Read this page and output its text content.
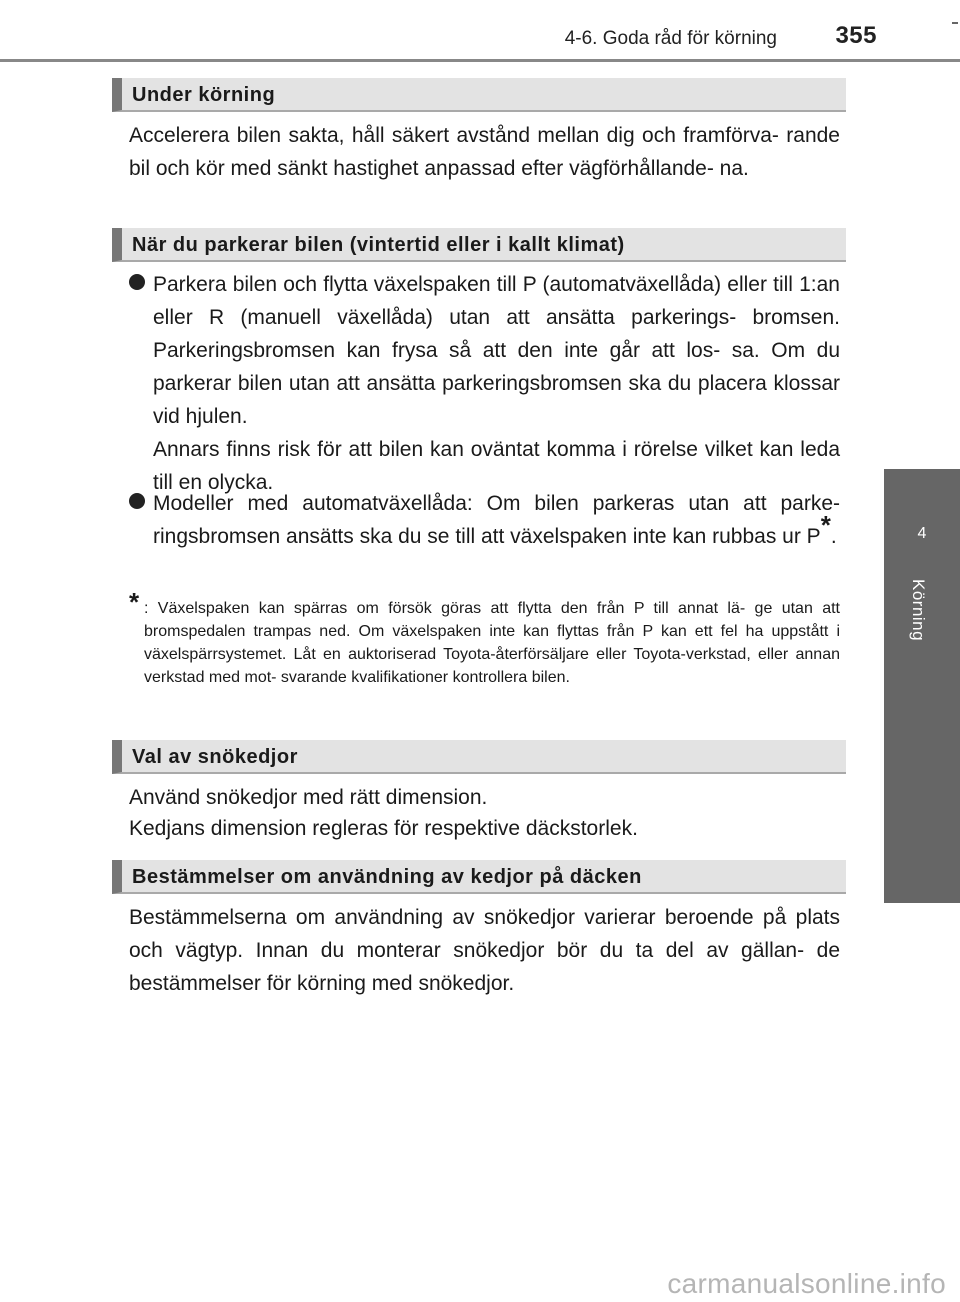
4-6. Goda råd för körning 355
4
Körning
Under körning

Accelerera bilen sakta, håll säkert avstånd mellan dig och framförva- rande bil och kör med sänkt hastighet anpassad efter vägförhållande- na.

När du parkerar bilen (vintertid eller i kallt klimat)

Parkera bilen och flytta växelspaken till P (automatväxellåda) eller till 1:an eller R (manuell växellåda) utan att ansätta parkerings- bromsen. Parkeringsbromsen kan frysa så att den inte går att los- sa. Om du parkerar bilen utan att ansätta parkeringsbromsen ska du placera klossar vid hjulen.

Annars finns risk för att bilen kan oväntat komma i rörelse vilket kan leda till en olycka.

Modeller med automatväxellåda: Om bilen parkeras utan att parke- ringsbromsen ansätts ska du se till att växelspaken inte kan rubbas ur P*.
* : Växelspaken kan spärras om försök göras att flytta den från P till annat lä- ge utan att bromspedalen trampas ned. Om växelspaken inte kan flyttas från P kan ett fel ha uppstått i växelspärrsystemet. Låt en auktoriserad Toyota-återförsäljare eller Toyota-verkstad, eller annan verkstad med mot- svarande kvalifikationer kontrollera bilen.
Val av snökedjor

Använd snökedjor med rätt dimension.

Kedjans dimension regleras för respektive däckstorlek.

Bestämmelser om användning av kedjor på däcken

Bestämmelserna om användning av snökedjor varierar beroende på plats och vägtyp. Innan du monterar snökedjor bör du ta del av gällan- de bestämmelser för körning med snökedjor.

carmanualsonline.info
